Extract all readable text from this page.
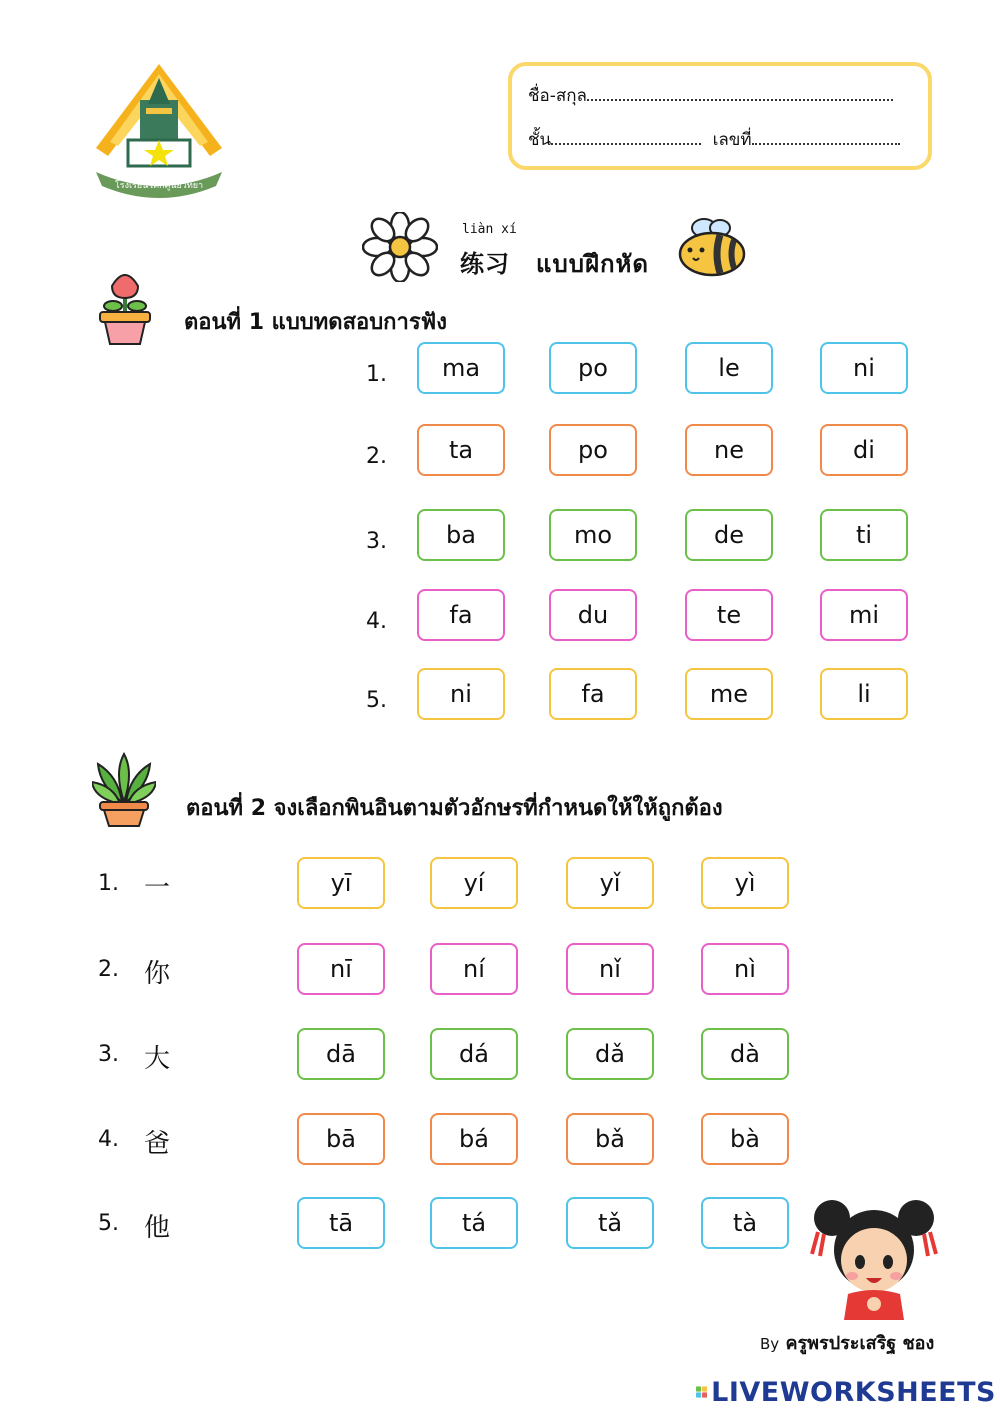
โรงเรียนโคกศูนย์วิทยา
ชื่อ-สกุล
ชั้น	เลขที่
liàn xí
练习 แบบฝึกหัด
ตอนที่ 1 แบบทดสอบการฟัง
1.	ma	po	le	ni
2.	ta	po	ne	di
3.	ba	mo	de	ti
4.	fa	du	te	mi
5.	ni	fa	me	li
ตอนที่ 2 จงเลือกพินอินตามตัวอักษรที่กำหนดให้ให้ถูกต้อง
1. 一	yī	yí	yǐ	yì
2. 你	nī	ní	nǐ	nì
3. 大	dā	dá	dǎ	dà
4. 爸	bā	bá	bǎ	bà
5. 他	tā	tá	tǎ	tà
By ครูพรประเสริฐ ชอง
LIVEWORKSHEETS
